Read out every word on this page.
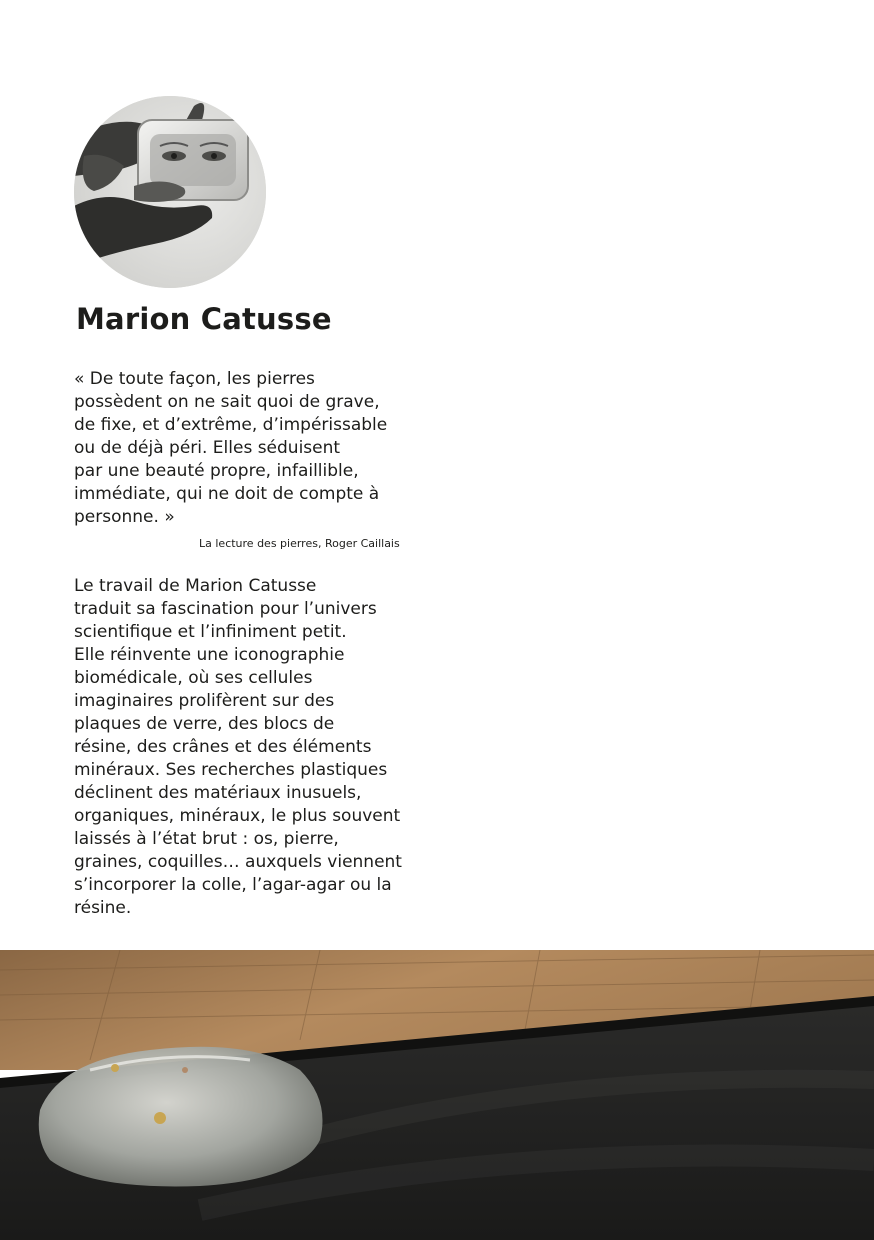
Marion Catusse

« De toute façon, les pierres
possèdent on ne sait quoi de grave,
de fixe, et d’extrême, d’impérissable
ou de déjà péri. Elles séduisent
par une beauté propre, infaillible,
immédiate, qui ne doit de compte à
personne. »

La lecture des pierres, Roger Caillais

Le travail de Marion Catusse
traduit sa fascination pour l’univers
scientifique et l’infiniment petit.
Elle réinvente une iconographie
biomédicale, où ses cellules
imaginaires prolifèrent sur des
plaques de verre, des blocs de
résine, des crânes et des éléments
minéraux. Ses recherches plastiques
déclinent des matériaux inusuels,
organiques, minéraux, le plus souvent
laissés à l’état brut : os, pierre,
graines, coquilles… auxquels viennent
s’incorporer la colle, l’agar-agar ou la
résine.
